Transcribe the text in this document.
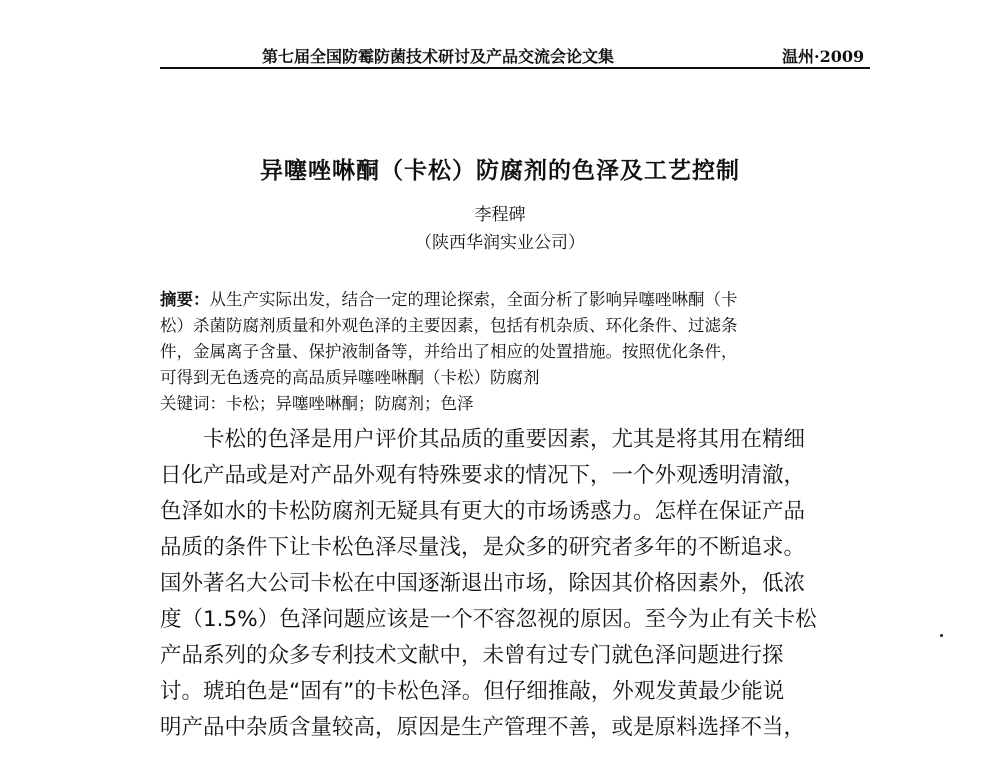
第七届全国防霉防菌技术研讨及产品交流会论文集	温州·2009
异噻唑啉酮（卡松）防腐剂的色泽及工艺控制
李程碑
（陕西华润实业公司）
摘要：从生产实际出发，结合一定的理论探索，全面分析了影响异噻唑啉酮（卡
松）杀菌防腐剂质量和外观色泽的主要因素，包括有机杂质、环化条件、过滤条
件，金属离子含量、保护液制备等，并给出了相应的处置措施。按照优化条件，
可得到无色透亮的高品质异噻唑啉酮（卡松）防腐剂
关键词：卡松；异噻唑啉酮；防腐剂；色泽
　　卡松的色泽是用户评价其品质的重要因素，尤其是将其用在精细
日化产品或是对产品外观有特殊要求的情况下，一个外观透明清澈，
色泽如水的卡松防腐剂无疑具有更大的市场诱惑力。怎样在保证产品
品质的条件下让卡松色泽尽量浅，是众多的研究者多年的不断追求。
国外著名大公司卡松在中国逐渐退出市场，除因其价格因素外，低浓
度（1.5%）色泽问题应该是一个不容忽视的原因。至今为止有关卡松
产品系列的众多专利技术文献中，未曾有过专门就色泽问题进行探
讨。琥珀色是“固有”的卡松色泽。但仔细推敲，外观发黄最少能说
明产品中杂质含量较高，原因是生产管理不善，或是原料选择不当，
